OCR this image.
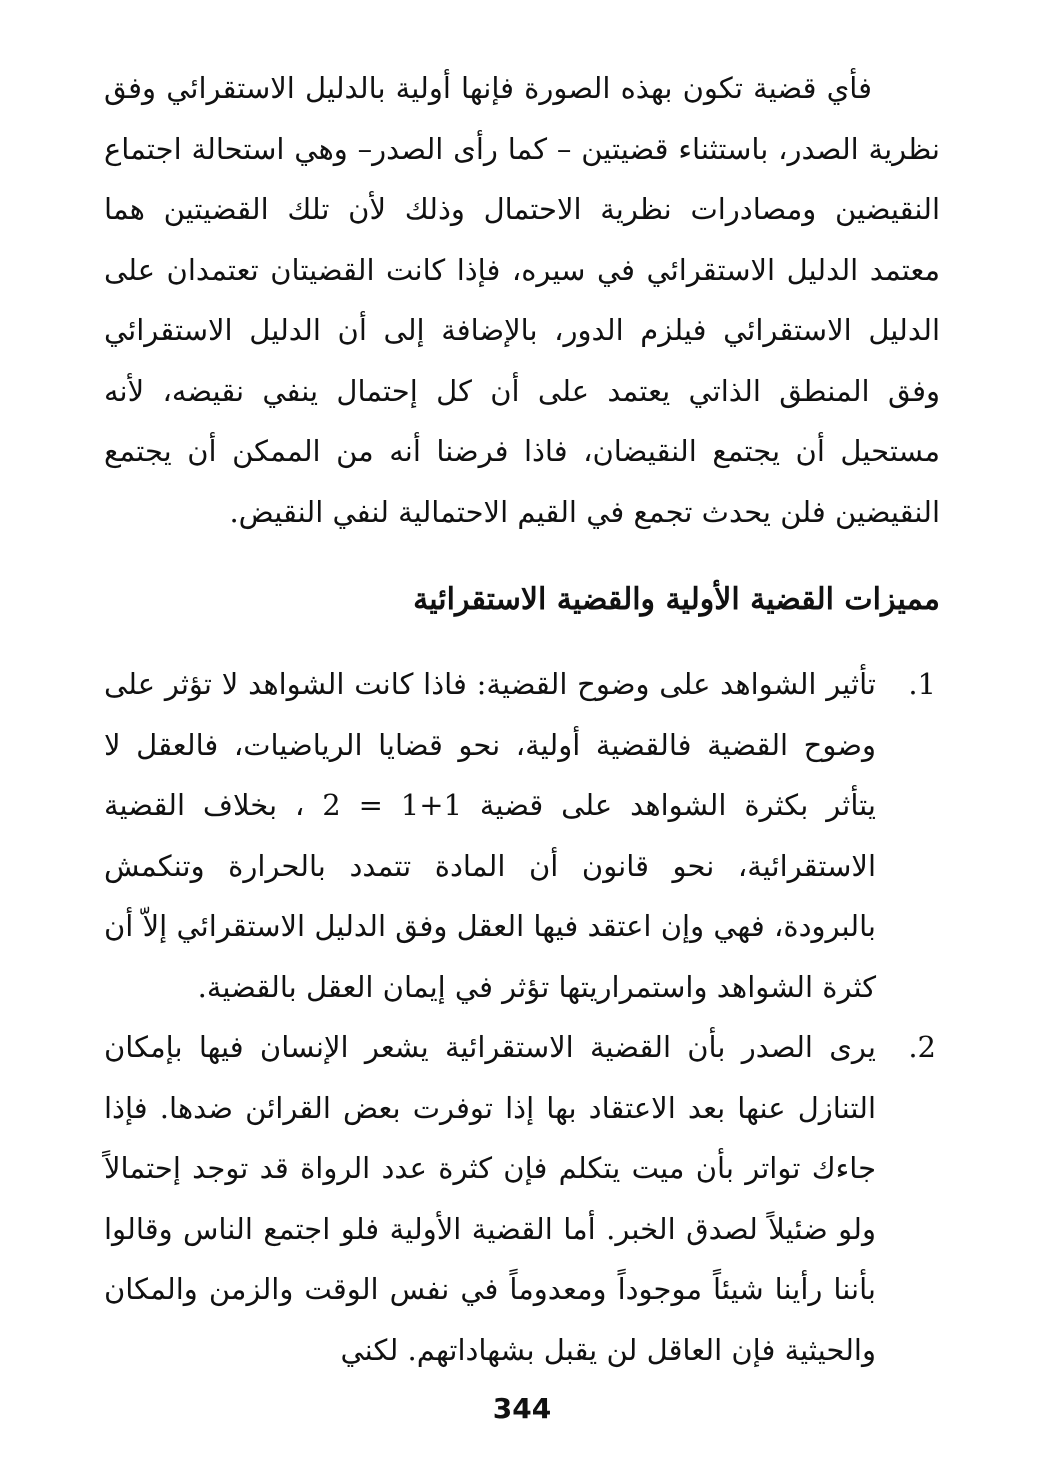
فأي قضية تكون بهذه الصورة فإنها أولية بالدليل الاستقرائي وفق نظرية الصدر، باستثناء قضيتين – كما رأى الصدر– وهي استحالة اجتماع النقيضين ومصادرات نظرية الاحتمال وذلك لأن تلك القضيتين هما معتمد الدليل الاستقرائي في سيره، فإذا كانت القضيتان تعتمدان على الدليل الاستقرائي فيلزم الدور، بالإضافة إلى أن الدليل الاستقرائي وفق المنطق الذاتي يعتمد على أن كل إحتمال ينفي نقيضه، لأنه مستحيل أن يجتمع النقيضان، فاذا فرضنا أنه من الممكن أن يجتمع النقيضين فلن يحدث تجمع في القيم الاحتمالية لنفي النقيض.

مميزات القضية الأولية والقضية الاستقرائية
1.
تأثير الشواهد على وضوح القضية: فاذا كانت الشواهد لا تؤثر على وضوح القضية فالقضية أولية، نحو قضايا الرياضيات، فالعقل لا يتأثر بكثرة الشواهد على قضية 1+1 = 2 ، بخلاف القضية الاستقرائية، نحو قانون أن المادة تتمدد بالحرارة وتنكمش بالبرودة، فهي وإن اعتقد فيها العقل وفق الدليل الاستقرائي إلاّ أن كثرة الشواهد واستمراريتها تؤثر في إيمان العقل بالقضية.
2.
يرى الصدر بأن القضية الاستقرائية يشعر الإنسان فيها بإمكان التنازل عنها بعد الاعتقاد بها إذا توفرت بعض القرائن ضدها. فإذا جاءك تواتر بأن ميت يتكلم فإن كثرة عدد الرواة قد توجد إحتمالاً ولو ضئيلاً لصدق الخبر. أما القضية الأولية فلو اجتمع الناس وقالوا بأننا رأينا شيئاً موجوداً ومعدوماً في نفس الوقت والزمن والمكان والحيثية فإن العاقل لن يقبل بشهاداتهم. لكني
344
